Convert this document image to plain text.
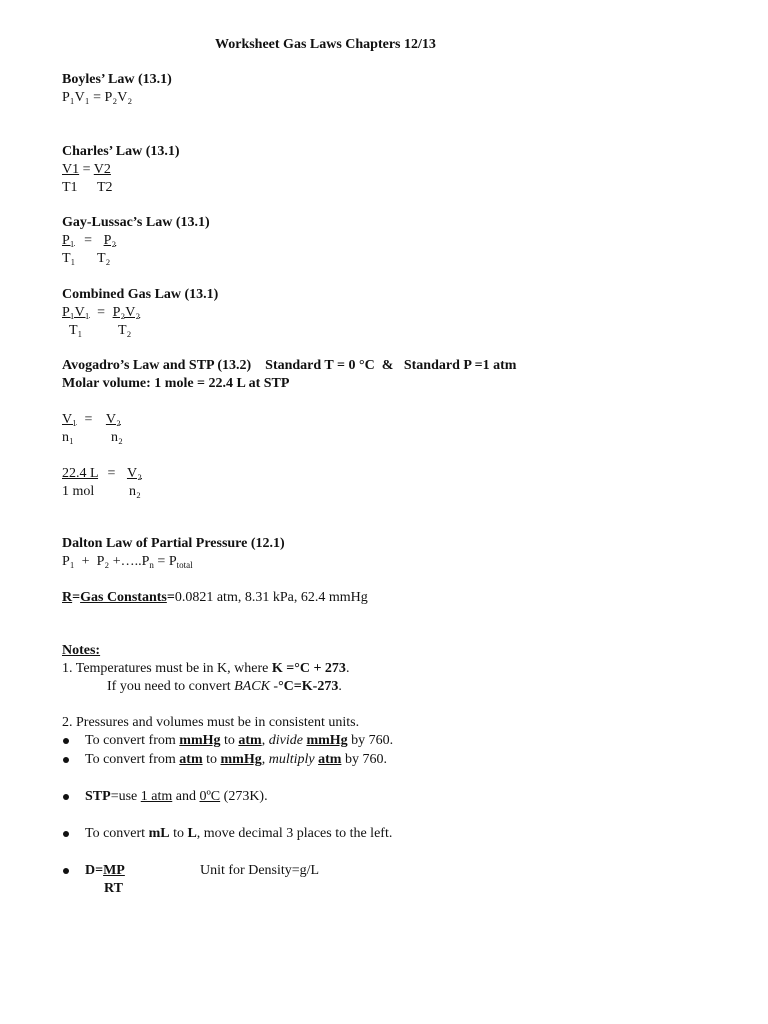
Worksheet Gas Laws Chapters 12/13
Boyles’ Law (13.1)
P₁V₁ = P₂V₂
Charles’ Law (13.1)
V1 = V2
T1 T2
Gay-Lussac’s Law (13.1)
P₁ = P₂
T₁ T₂
Combined Gas Law (13.1)
P₁V₁ = P₂V₂
T₁	T₂
Avogadro’s Law and STP (13.2)    Standard T = 0 °C  &   Standard P =1 atm
Molar volume: 1 mole = 22.4 L at STP
V₁ = V₂
n₁	n₂
22.4 L = V₂
1 mol n₂
Dalton Law of Partial Pressure (12.1)
$P_1 + P_2 +\dots..P_n = P_{total}$
R=Gas Constants=0.0821 atm, 8.31 kPa, 62.4 mmHg
Notes:
1. Temperatures must be in K, where K =°C + 273.
If you need to convert BACK -°C=K-273.
2. Pressures and volumes must be in consistent units.
To convert from mmHg to atm, divide mmHg by 760.
To convert from atm to mmHg, multiply atm by 760.
STP=use 1 atm and 0ºC (273K).
To convert mL to L, move decimal 3 places to the left.
D=MP	Unit for Density=g/L
RT
